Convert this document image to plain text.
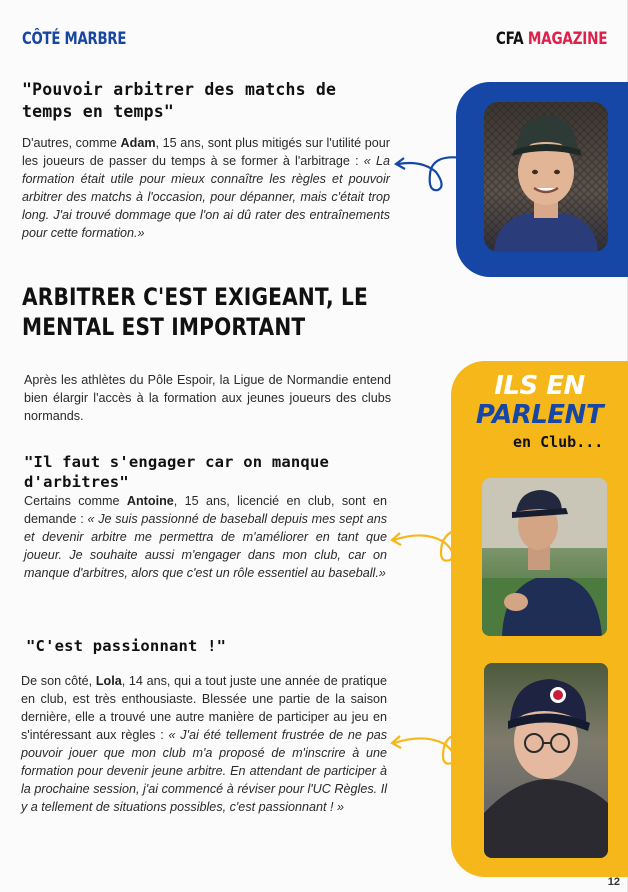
CÔTÉ MARBRE	CFA MAGAZINE
"Pouvoir arbitrer des matchs de temps en temps"
D'autres, comme Adam, 15 ans, sont plus mitigés sur l'utilité pour les joueurs de passer du temps à se former à l'arbitrage : « La formation était utile pour mieux connaître les règles et pouvoir arbitrer des matchs à l'occasion, pour dépanner, mais c'était trop long. J'ai trouvé dommage que l'on ai dû rater des entraînements pour cette formation.»
ARBITRER C'EST EXIGEANT, LE MENTAL EST IMPORTANT
Après les athlètes du Pôle Espoir, la Ligue de Normandie entend bien élargir l'accès à la formation aux jeunes joueurs des clubs normands.
"Il faut s'engager car on manque d'arbitres"
Certains comme Antoine, 15 ans, licencié en club, sont en demande : « Je suis passionné de baseball depuis mes sept ans et devenir arbitre me permettra de m'améliorer en tant que joueur. Je souhaite aussi m'engager dans mon club, car on manque d'arbitres, alors que c'est un rôle essentiel au baseball.»
"C'est passionnant !"
De son côté, Lola, 14 ans, qui a tout juste une année de pratique en club, est très enthousiaste. Blessée une partie de la saison dernière, elle a trouvé une autre manière de participer au jeu en s'intéressant aux règles : « J'ai été tellement frustrée de ne pas pouvoir jouer que mon club m'a proposé de m'inscrire à une formation pour devenir jeune arbitre. En attendant de participer à la prochaine session, j'ai commencé à réviser pour l'UC Règles. Il y a tellement de situations possibles, c'est passionnant ! »
ILS EN
PARLENT
en Club...
12
